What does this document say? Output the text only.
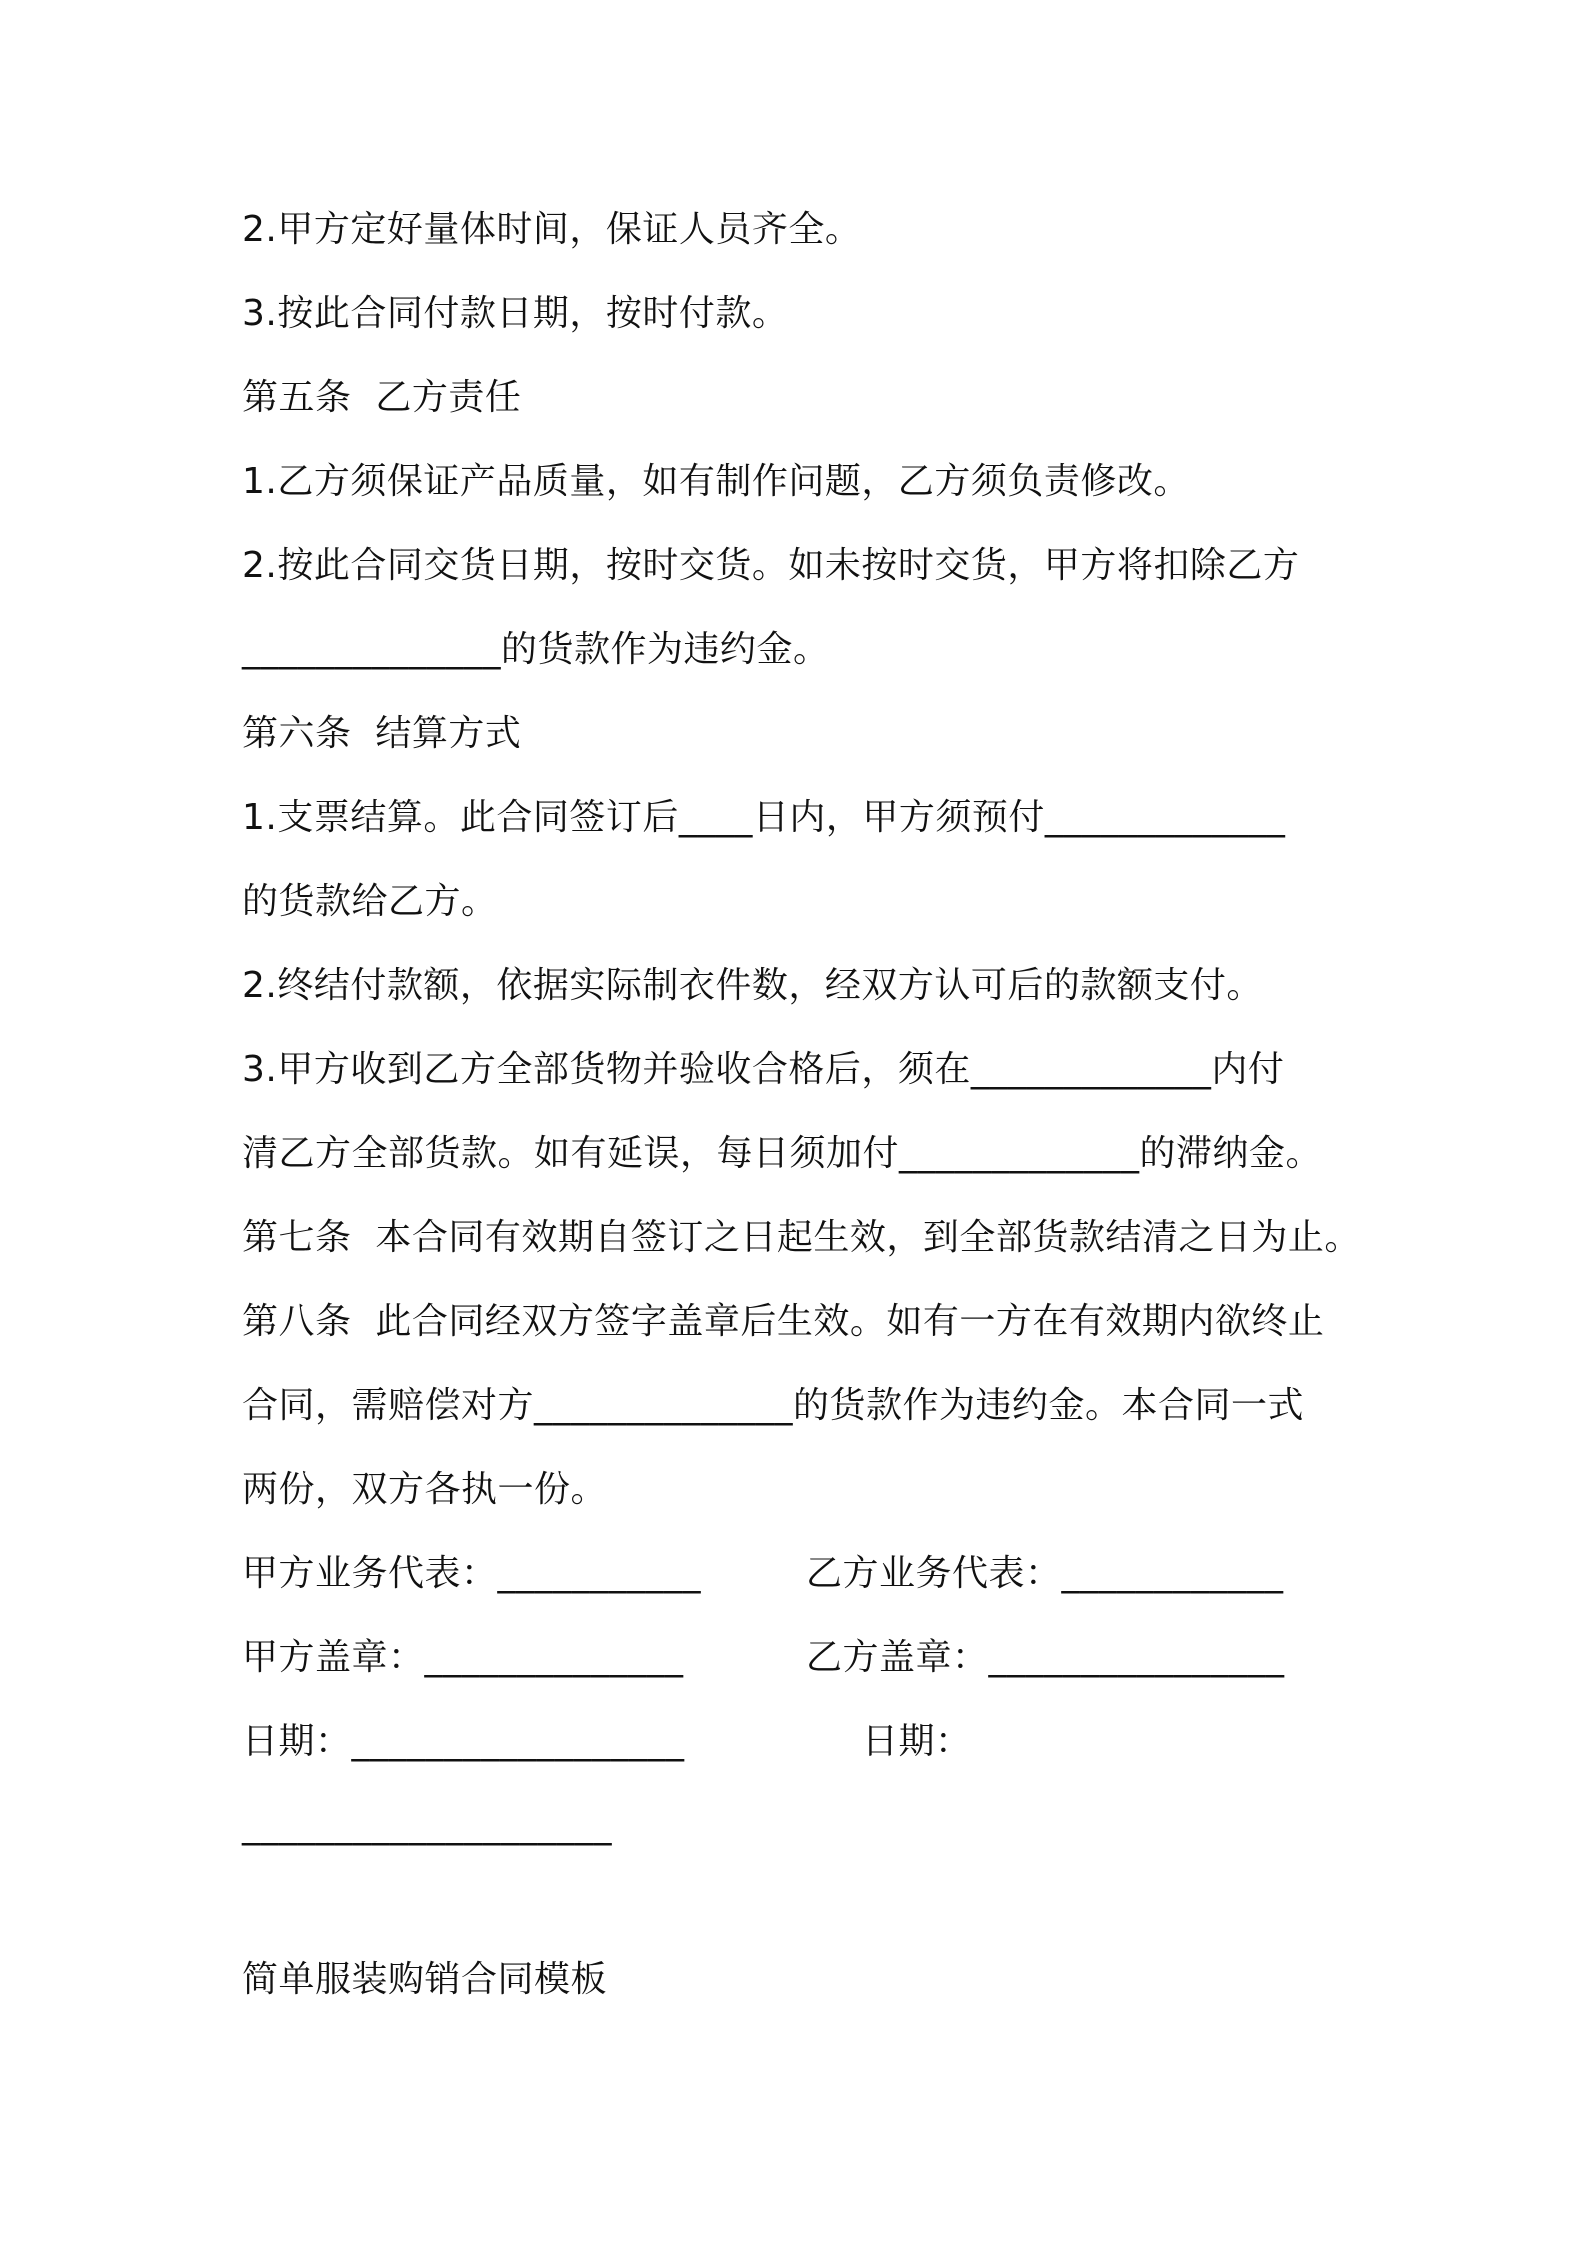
2.甲方定好量体时间，保证人员齐全。
3.按此合同付款日期，按时付款。
第五条  乙方责任
1.乙方须保证产品质量，如有制作问题，乙方须负责修改。
2.按此合同交货日期，按时交货。如未按时交货，甲方将扣除乙方
______________的货款作为违约金。
第六条  结算方式
1.支票结算。此合同签订后____日内，甲方须预付_____________
的货款给乙方。
2.终结付款额，依据实际制衣件数，经双方认可后的款额支付。
3.甲方收到乙方全部货物并验收合格后，须在_____________内付
清乙方全部货款。如有延误，每日须加付_____________的滞纳金。
第七条  本合同有效期自签订之日起生效，到全部货款结清之日为止。
第八条  此合同经双方签字盖章后生效。如有一方在有效期内欲终止
合同，需赔偿对方______________的货款作为违约金。本合同一式
两份，双方各执一份。
甲方业务代表：___________	乙方业务代表：____________
甲方盖章：______________	乙方盖章：________________
日期：__________________	日期：
____________________
简单服装购销合同模板
